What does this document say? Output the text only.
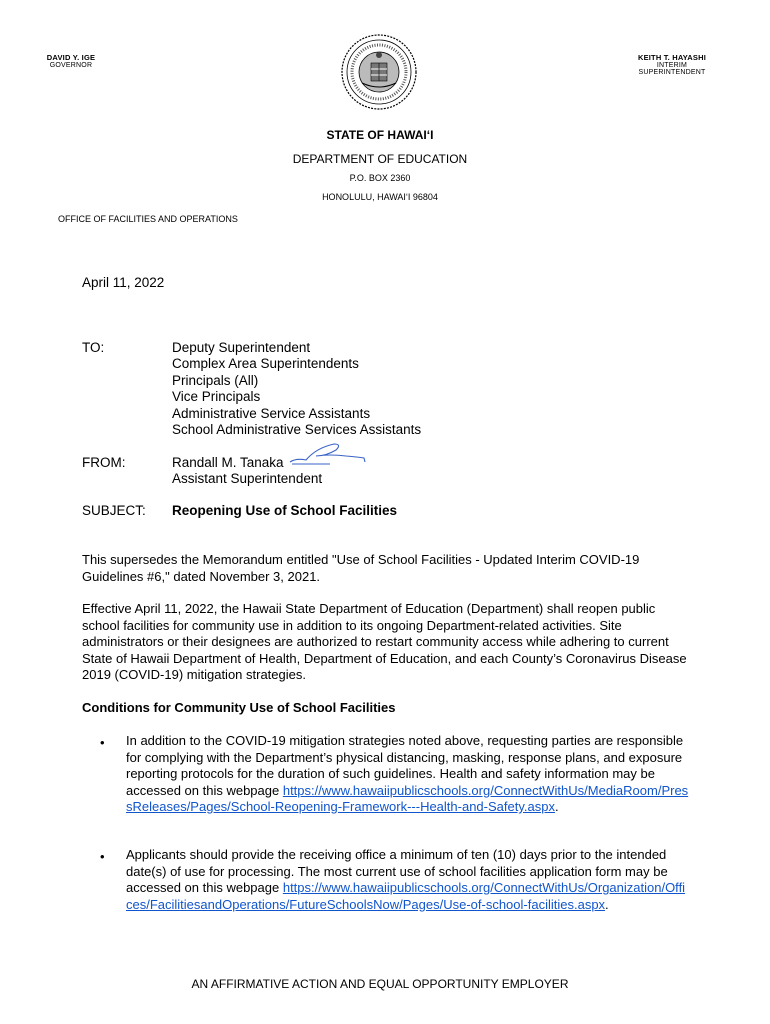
DAVID Y. IGE
GOVERNOR
KEITH T. HAYASHI
INTERIM SUPERINTENDENT
STATE OF HAWAIʻI
DEPARTMENT OF EDUCATION
P.O. BOX 2360
HONOLULU, HAWAIʻI 96804
OFFICE OF FACILITIES AND OPERATIONS
April 11, 2022
TO:	Deputy Superintendent
Complex Area Superintendents
Principals (All)
Vice Principals
Administrative Service Assistants
School Administrative Services Assistants
FROM:	Randall M. Tanaka
Assistant Superintendent
SUBJECT: Reopening Use of School Facilities
This supersedes the Memorandum entitled "Use of School Facilities - Updated Interim COVID-19 Guidelines #6," dated November 3, 2021.
Effective April 11, 2022, the Hawaii State Department of Education (Department) shall reopen public school facilities for community use in addition to its ongoing Department-related activities. Site administrators or their designees are authorized to restart community access while adhering to current State of Hawaii Department of Health, Department of Education, and each County’s Coronavirus Disease 2019 (COVID-19) mitigation strategies.
Conditions for Community Use of School Facilities
• In addition to the COVID-19 mitigation strategies noted above, requesting parties are responsible for complying with the Department’s physical distancing, masking, response plans, and exposure reporting protocols for the duration of such guidelines. Health and safety information may be accessed on this webpage https://www.hawaiipublicschools.org/ConnectWithUs/MediaRoom/PressReleases/Pages/School-Reopening-Framework---Health-and-Safety.aspx.
• Applicants should provide the receiving office a minimum of ten (10) days prior to the intended date(s) of use for processing. The most current use of school facilities application form may be accessed on this webpage https://www.hawaiipublicschools.org/ConnectWithUs/Organization/Offices/FacilitiesandOperations/FutureSchoolsNow/Pages/Use-of-school-facilities.aspx.
AN AFFIRMATIVE ACTION AND EQUAL OPPORTUNITY EMPLOYER
